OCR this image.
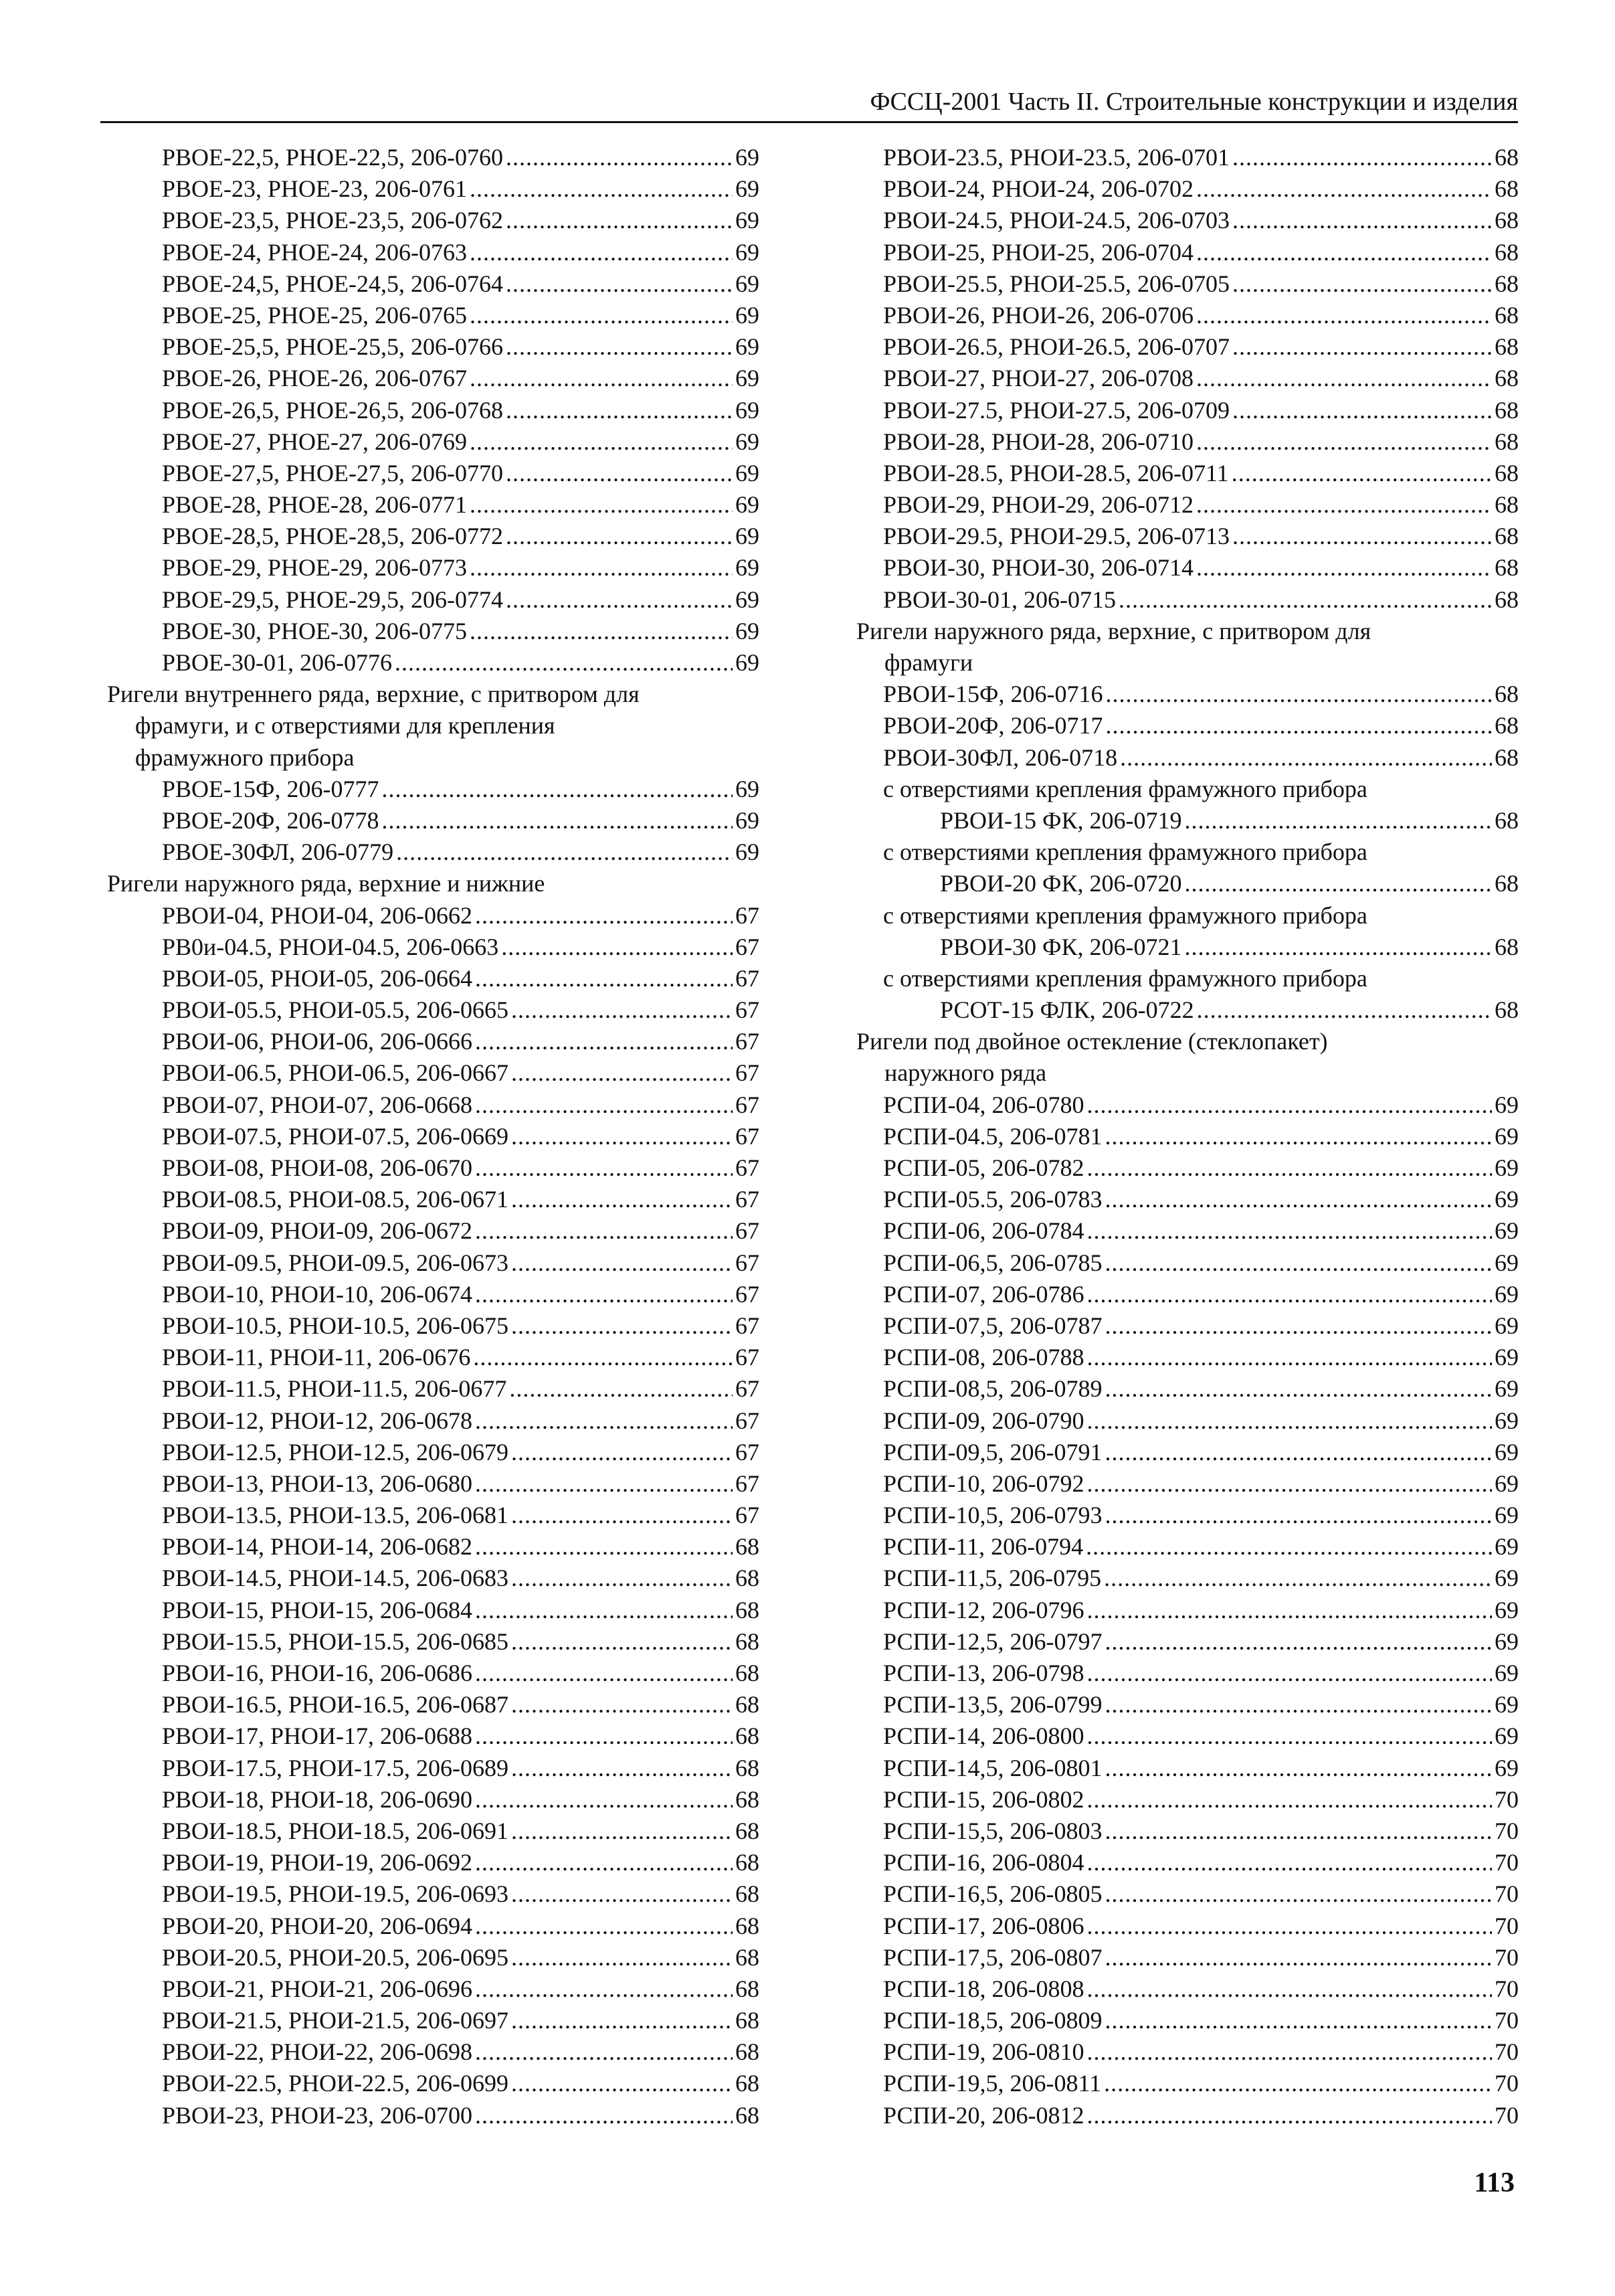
ФССЦ-2001 Часть II. Строительные конструкции и изделия
РВОЕ-22,5, РНОЕ-22,5, 206-0760 .....	69
РВОЕ-23, РНОЕ-23, 206-0761 .....	69
РВОЕ-23,5, РНОЕ-23,5, 206-0762 .....	69
РВОЕ-24, РНОЕ-24, 206-0763 .....	69
РВОЕ-24,5, РНОЕ-24,5, 206-0764 .....	69
РВОЕ-25, РНОЕ-25, 206-0765 .....	69
РВОЕ-25,5, РНОЕ-25,5, 206-0766 .....	69
РВОЕ-26, РНОЕ-26, 206-0767 .....	69
РВОЕ-26,5, РНОЕ-26,5, 206-0768 .....	69
РВОЕ-27, РНОЕ-27, 206-0769 .....	69
РВОЕ-27,5, РНОЕ-27,5, 206-0770 .....	69
РВОЕ-28, РНОЕ-28, 206-0771 .....	69
РВОЕ-28,5, РНОЕ-28,5, 206-0772 .....	69
РВОЕ-29, РНОЕ-29, 206-0773 .....	69
РВОЕ-29,5, РНОЕ-29,5, 206-0774 .....	69
РВОЕ-30, РНОЕ-30, 206-0775 .....	69
РВОЕ-30-01, 206-0776 .....	69
Ригели внутреннего ряда, верхние, с притвором для
фрамуги, и с отверстиями для крепления
фрамужного прибора
РВОЕ-15Ф, 206-0777 .....	69
РВОЕ-20Ф, 206-0778 .....	69
РВОЕ-30ФЛ, 206-0779 .....	69
Ригели наружного ряда, верхние и нижние
РВОИ-04, РНОИ-04, 206-0662 .....	67
РВ0и-04.5, РНОИ-04.5, 206-0663 .....	67
РВОИ-05, РНОИ-05, 206-0664 .....	67
РВОИ-05.5, РНОИ-05.5, 206-0665 .....	67
РВОИ-06, РНОИ-06, 206-0666 .....	67
РВОИ-06.5, РНОИ-06.5, 206-0667 .....	67
РВОИ-07, РНОИ-07, 206-0668 .....	67
РВОИ-07.5, РНОИ-07.5, 206-0669 .....	67
РВОИ-08, РНОИ-08, 206-0670 .....	67
РВОИ-08.5, РНОИ-08.5, 206-0671 .....	67
РВОИ-09, РНОИ-09, 206-0672 .....	67
РВОИ-09.5, РНОИ-09.5, 206-0673 .....	67
РВОИ-10, РНОИ-10, 206-0674 .....	67
РВОИ-10.5, РНОИ-10.5, 206-0675 .....	67
РВОИ-11, РНОИ-11, 206-0676 .....	67
РВОИ-11.5, РНОИ-11.5, 206-0677 .....	67
РВОИ-12, РНОИ-12, 206-0678 .....	67
РВОИ-12.5, РНОИ-12.5, 206-0679 .....	67
РВОИ-13, РНОИ-13, 206-0680 .....	67
РВОИ-13.5, РНОИ-13.5, 206-0681 .....	67
РВОИ-14, РНОИ-14, 206-0682 .....	68
РВОИ-14.5, РНОИ-14.5, 206-0683 .....	68
РВОИ-15, РНОИ-15, 206-0684 .....	68
РВОИ-15.5, РНОИ-15.5, 206-0685 .....	68
РВОИ-16, РНОИ-16, 206-0686 .....	68
РВОИ-16.5, РНОИ-16.5, 206-0687 .....	68
РВОИ-17, РНОИ-17, 206-0688 .....	68
РВОИ-17.5, РНОИ-17.5, 206-0689 .....	68
РВОИ-18, РНОИ-18, 206-0690 .....	68
РВОИ-18.5, РНОИ-18.5, 206-0691 .....	68
РВОИ-19, РНОИ-19, 206-0692 .....	68
РВОИ-19.5, РНОИ-19.5, 206-0693 .....	68
РВОИ-20, РНОИ-20, 206-0694 .....	68
РВОИ-20.5, РНОИ-20.5, 206-0695 .....	68
РВОИ-21, РНОИ-21, 206-0696 .....	68
РВОИ-21.5, РНОИ-21.5, 206-0697 .....	68
РВОИ-22, РНОИ-22, 206-0698 .....	68
РВОИ-22.5, РНОИ-22.5, 206-0699 .....	68
РВОИ-23, РНОИ-23, 206-0700 .....	68
РВОИ-23.5, РНОИ-23.5, 206-0701 .....	68
РВОИ-24, РНОИ-24, 206-0702 .....	68
РВОИ-24.5, РНОИ-24.5, 206-0703 .....	68
РВОИ-25, РНОИ-25, 206-0704 .....	68
РВОИ-25.5, РНОИ-25.5, 206-0705 .....	68
РВОИ-26, РНОИ-26, 206-0706 .....	68
РВОИ-26.5, РНОИ-26.5, 206-0707 .....	68
РВОИ-27, РНОИ-27, 206-0708 .....	68
РВОИ-27.5, РНОИ-27.5, 206-0709 .....	68
РВОИ-28, РНОИ-28, 206-0710 .....	68
РВОИ-28.5, РНОИ-28.5, 206-0711 .....	68
РВОИ-29, РНОИ-29, 206-0712 .....	68
РВОИ-29.5, РНОИ-29.5, 206-0713 .....	68
РВОИ-30, РНОИ-30, 206-0714 .....	68
РВОИ-30-01, 206-0715 .....	68
Ригели наружного ряда, верхние, с притвором для
фрамуги
РВОИ-15Ф, 206-0716 .....	68
РВОИ-20Ф, 206-0717 .....	68
РВОИ-30ФЛ, 206-0718 .....	68
с отверстиями крепления фрамужного прибора
РВОИ-15 ФК, 206-0719 .....	68
с отверстиями крепления фрамужного прибора
РВОИ-20 ФК, 206-0720 .....	68
с отверстиями крепления фрамужного прибора
РВОИ-30 ФК, 206-0721 .....	68
с отверстиями крепления фрамужного прибора
РСОТ-15 ФЛК, 206-0722 .....	68
Ригели под двойное остекление (стеклопакет)
наружного ряда
РСПИ-04, 206-0780 .....	69
РСПИ-04.5, 206-0781 .....	69
РСПИ-05, 206-0782 .....	69
РСПИ-05.5, 206-0783 .....	69
РСПИ-06, 206-0784 .....	69
РСПИ-06,5, 206-0785 .....	69
РСПИ-07, 206-0786 .....	69
РСПИ-07,5, 206-0787 .....	69
РСПИ-08, 206-0788 .....	69
РСПИ-08,5, 206-0789 .....	69
РСПИ-09, 206-0790 .....	69
РСПИ-09,5, 206-0791 .....	69
РСПИ-10, 206-0792 .....	69
РСПИ-10,5, 206-0793 .....	69
РСПИ-11, 206-0794 .....	69
РСПИ-11,5, 206-0795 .....	69
РСПИ-12, 206-0796 .....	69
РСПИ-12,5, 206-0797 .....	69
РСПИ-13, 206-0798 .....	69
РСПИ-13,5, 206-0799 .....	69
РСПИ-14, 206-0800 .....	69
РСПИ-14,5, 206-0801 .....	69
РСПИ-15, 206-0802 .....	70
РСПИ-15,5, 206-0803 .....	70
РСПИ-16, 206-0804 .....	70
РСПИ-16,5, 206-0805 .....	70
РСПИ-17, 206-0806 .....	70
РСПИ-17,5, 206-0807 .....	70
РСПИ-18, 206-0808 .....	70
РСПИ-18,5, 206-0809 .....	70
РСПИ-19, 206-0810 .....	70
РСПИ-19,5, 206-0811 .....	70
РСПИ-20, 206-0812 .....	70
113
